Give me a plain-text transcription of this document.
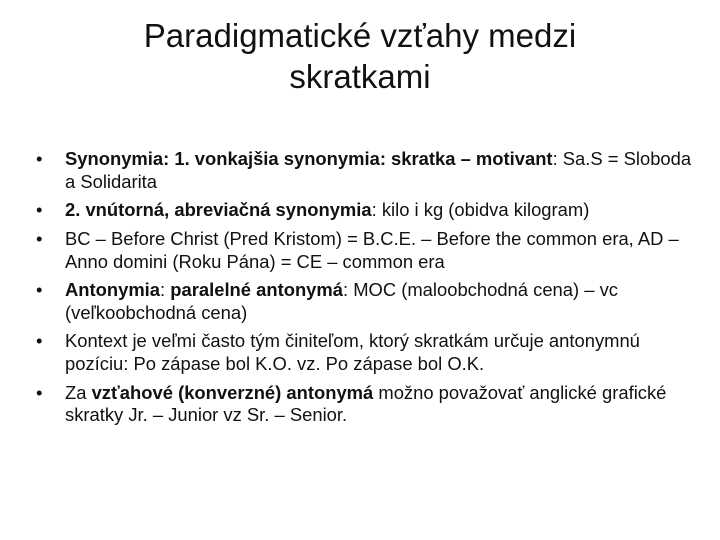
Paradigmatické vzťahy medzi
skratkami
• Synonymia: 1. vonkajšia synonymia: skratka – motivant: Sa.S = Sloboda a Solidarita
• 2. vnútorná, abreviačná synonymia: kilo i kg (obidva kilogram)
• BC – Before Christ (Pred Kristom) = B.C.E. – Before the common era, AD – Anno domini (Roku Pána) = CE – common era
• Antonymia: paralelné antonymá: MOC (maloobchodná cena) – vc (veľkoobchodná cena)
• Kontext je veľmi často tým činiteľom, ktorý skratkám určuje antonymnú pozíciu: Po zápase bol K.O. vz. Po zápase bol O.K.
• Za vzťahové (konverzné) antonymá možno považovať anglické grafické skratky Jr. – Junior vz Sr. – Senior.
